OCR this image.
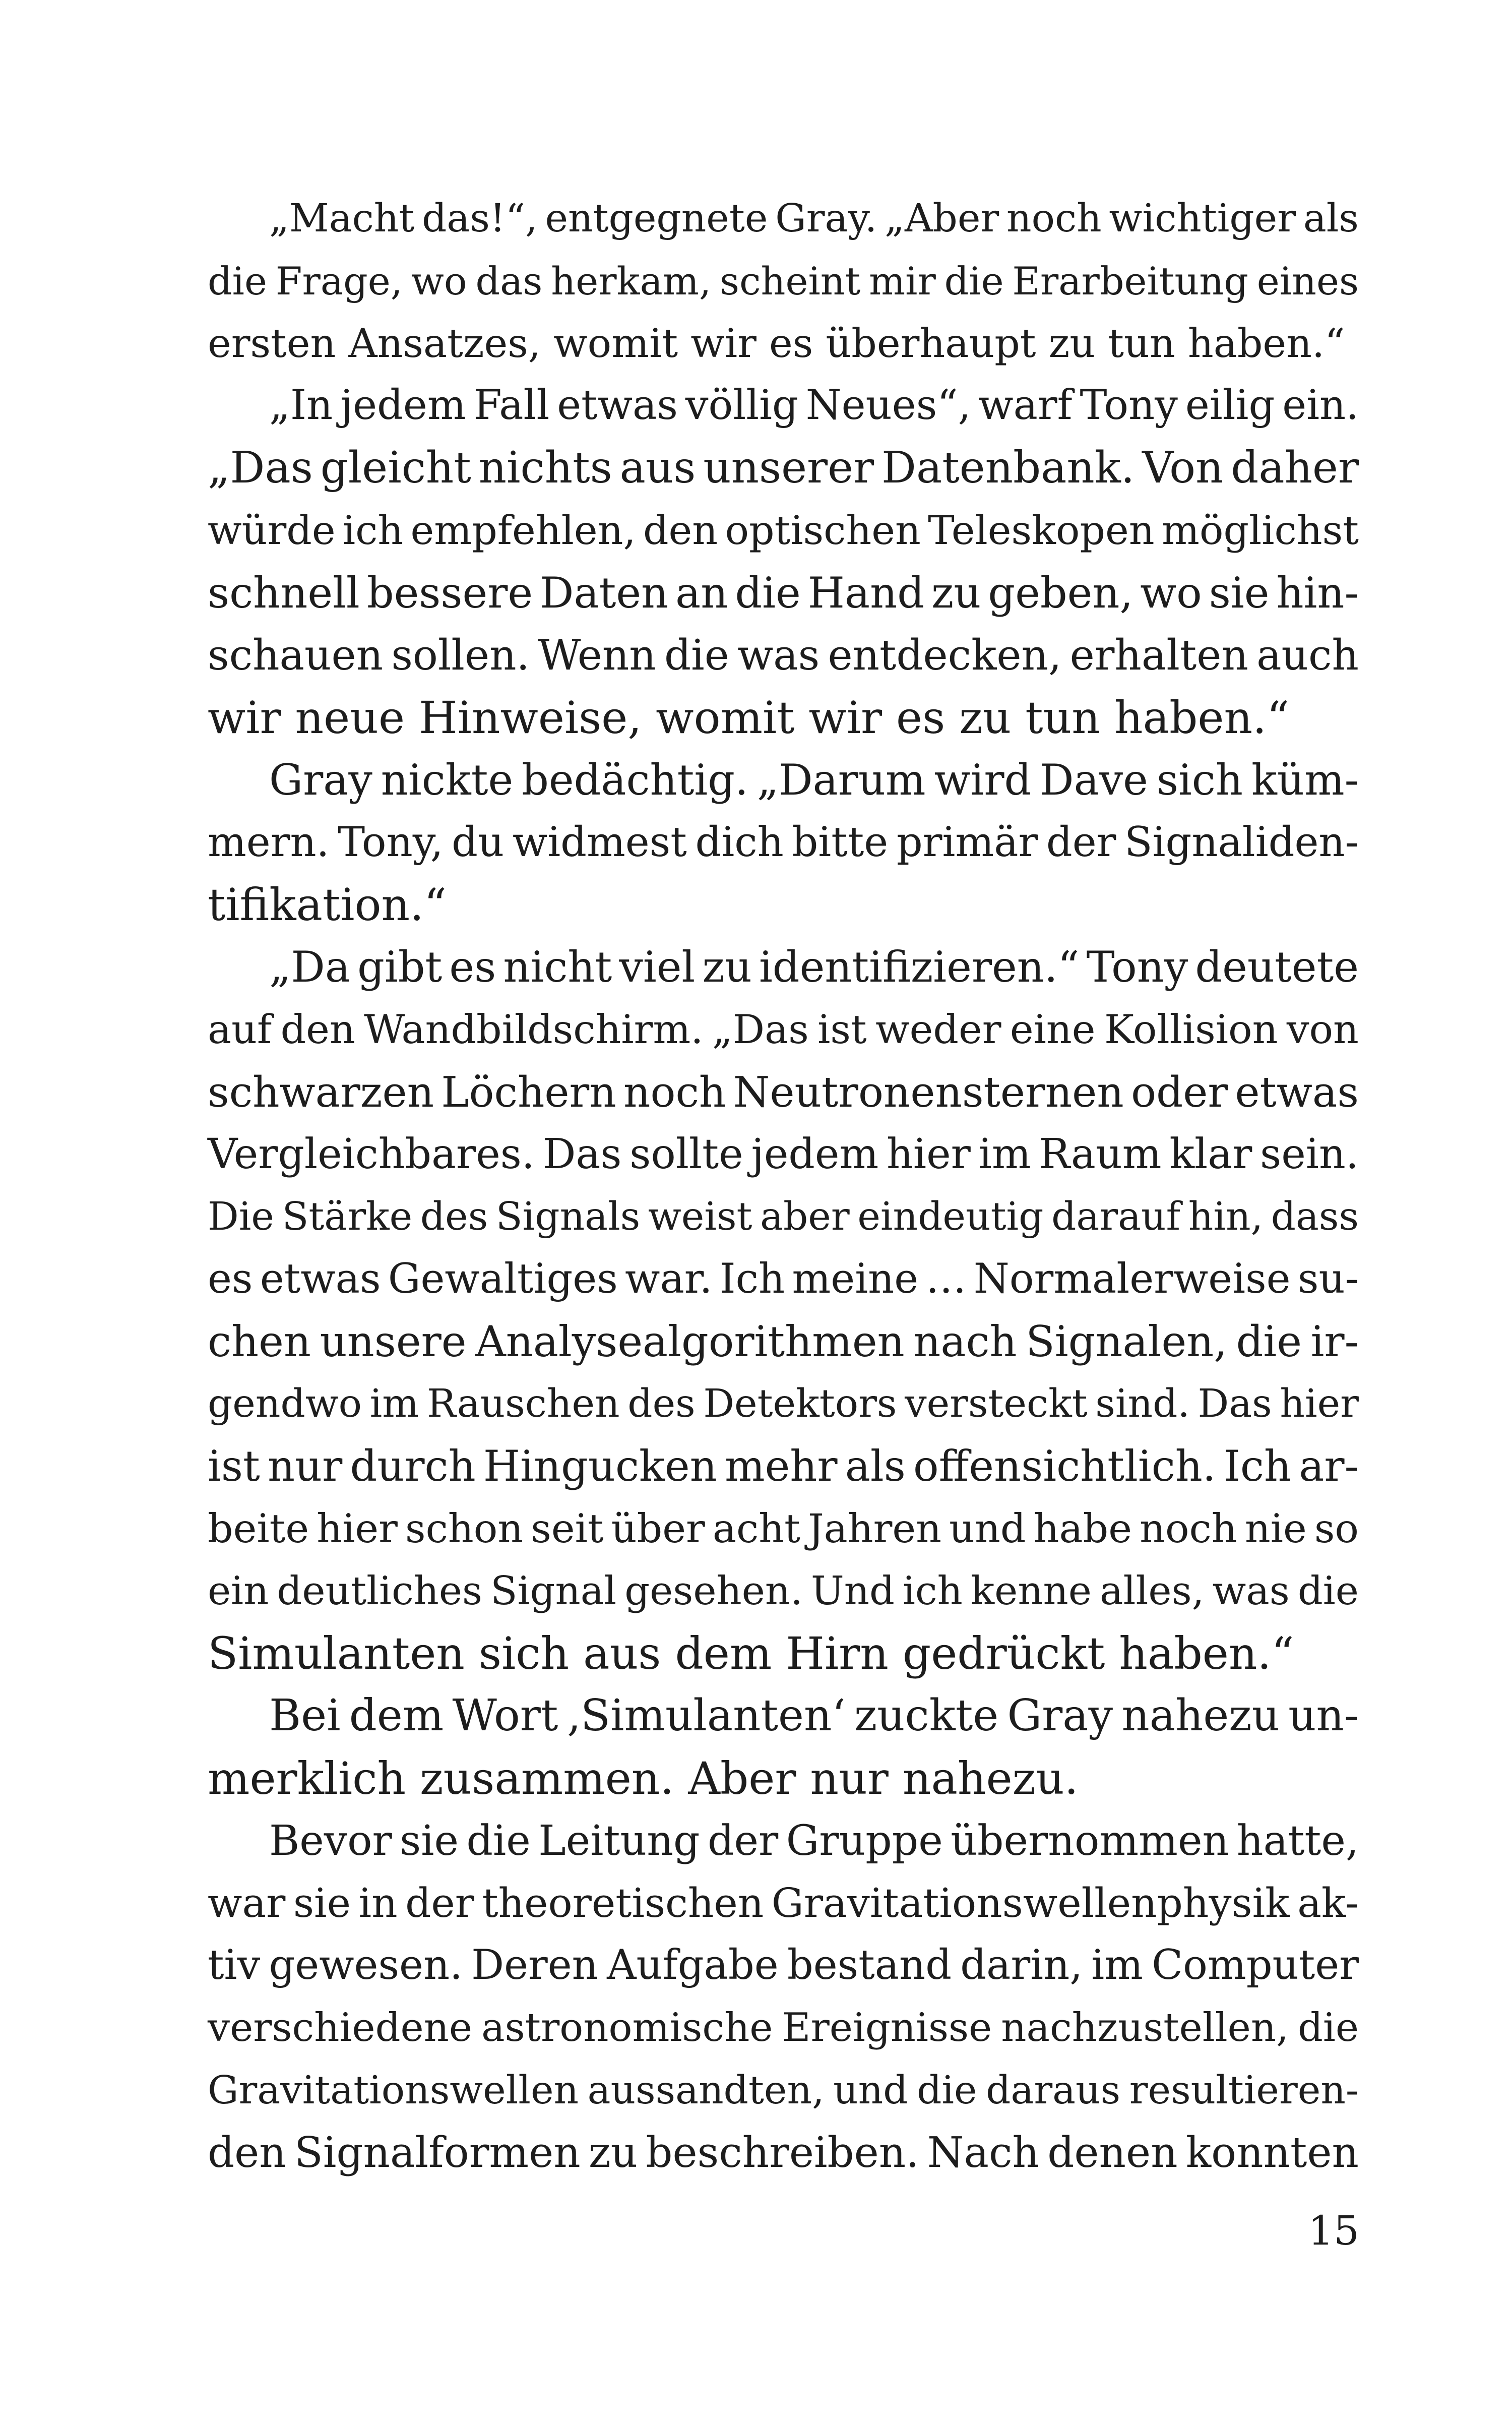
„Macht das!“, entgegnete Gray. „Aber noch wichtiger als
die Frage, wo das herkam, scheint mir die Erarbeitung eines
ersten Ansatzes, womit wir es überhaupt zu tun haben.“
„In jedem Fall etwas völlig Neues“, warf Tony eilig ein.
„Das gleicht nichts aus unserer Datenbank. Von daher
würde ich empfehlen, den optischen Teleskopen möglichst
schnell bessere Daten an die Hand zu geben, wo sie hin-
schauen sollen. Wenn die was entdecken, erhalten auch
wir neue Hinweise, womit wir es zu tun haben.“
Gray nickte bedächtig. „Darum wird Dave sich küm-
mern. Tony, du widmest dich bitte primär der Signaliden-
tifikation.“
„Da gibt es nicht viel zu identifizieren.“ Tony deutete
auf den Wandbildschirm. „Das ist weder eine Kollision von
schwarzen Löchern noch Neutronensternen oder etwas
Vergleichbares. Das sollte jedem hier im Raum klar sein.
Die Stärke des Signals weist aber eindeutig darauf hin, dass
es etwas Gewaltiges war. Ich meine … Normalerweise su-
chen unsere Analysealgorithmen nach Signalen, die ir-
gendwo im Rauschen des Detektors versteckt sind. Das hier
ist nur durch Hingucken mehr als offensichtlich. Ich ar-
beite hier schon seit über acht Jahren und habe noch nie so
ein deutliches Signal gesehen. Und ich kenne alles, was die
Simulanten sich aus dem Hirn gedrückt haben.“
Bei dem Wort ‚Simulanten‘ zuckte Gray nahezu un-
merklich zusammen. Aber nur nahezu.
Bevor sie die Leitung der Gruppe übernommen hatte,
war sie in der theoretischen Gravitationswellenphysik ak-
tiv gewesen. Deren Aufgabe bestand darin, im Computer
verschiedene astronomische Ereignisse nachzustellen, die
Gravitationswellen aussandten, und die daraus resultieren-
den Signalformen zu beschreiben. Nach denen konnten
15
